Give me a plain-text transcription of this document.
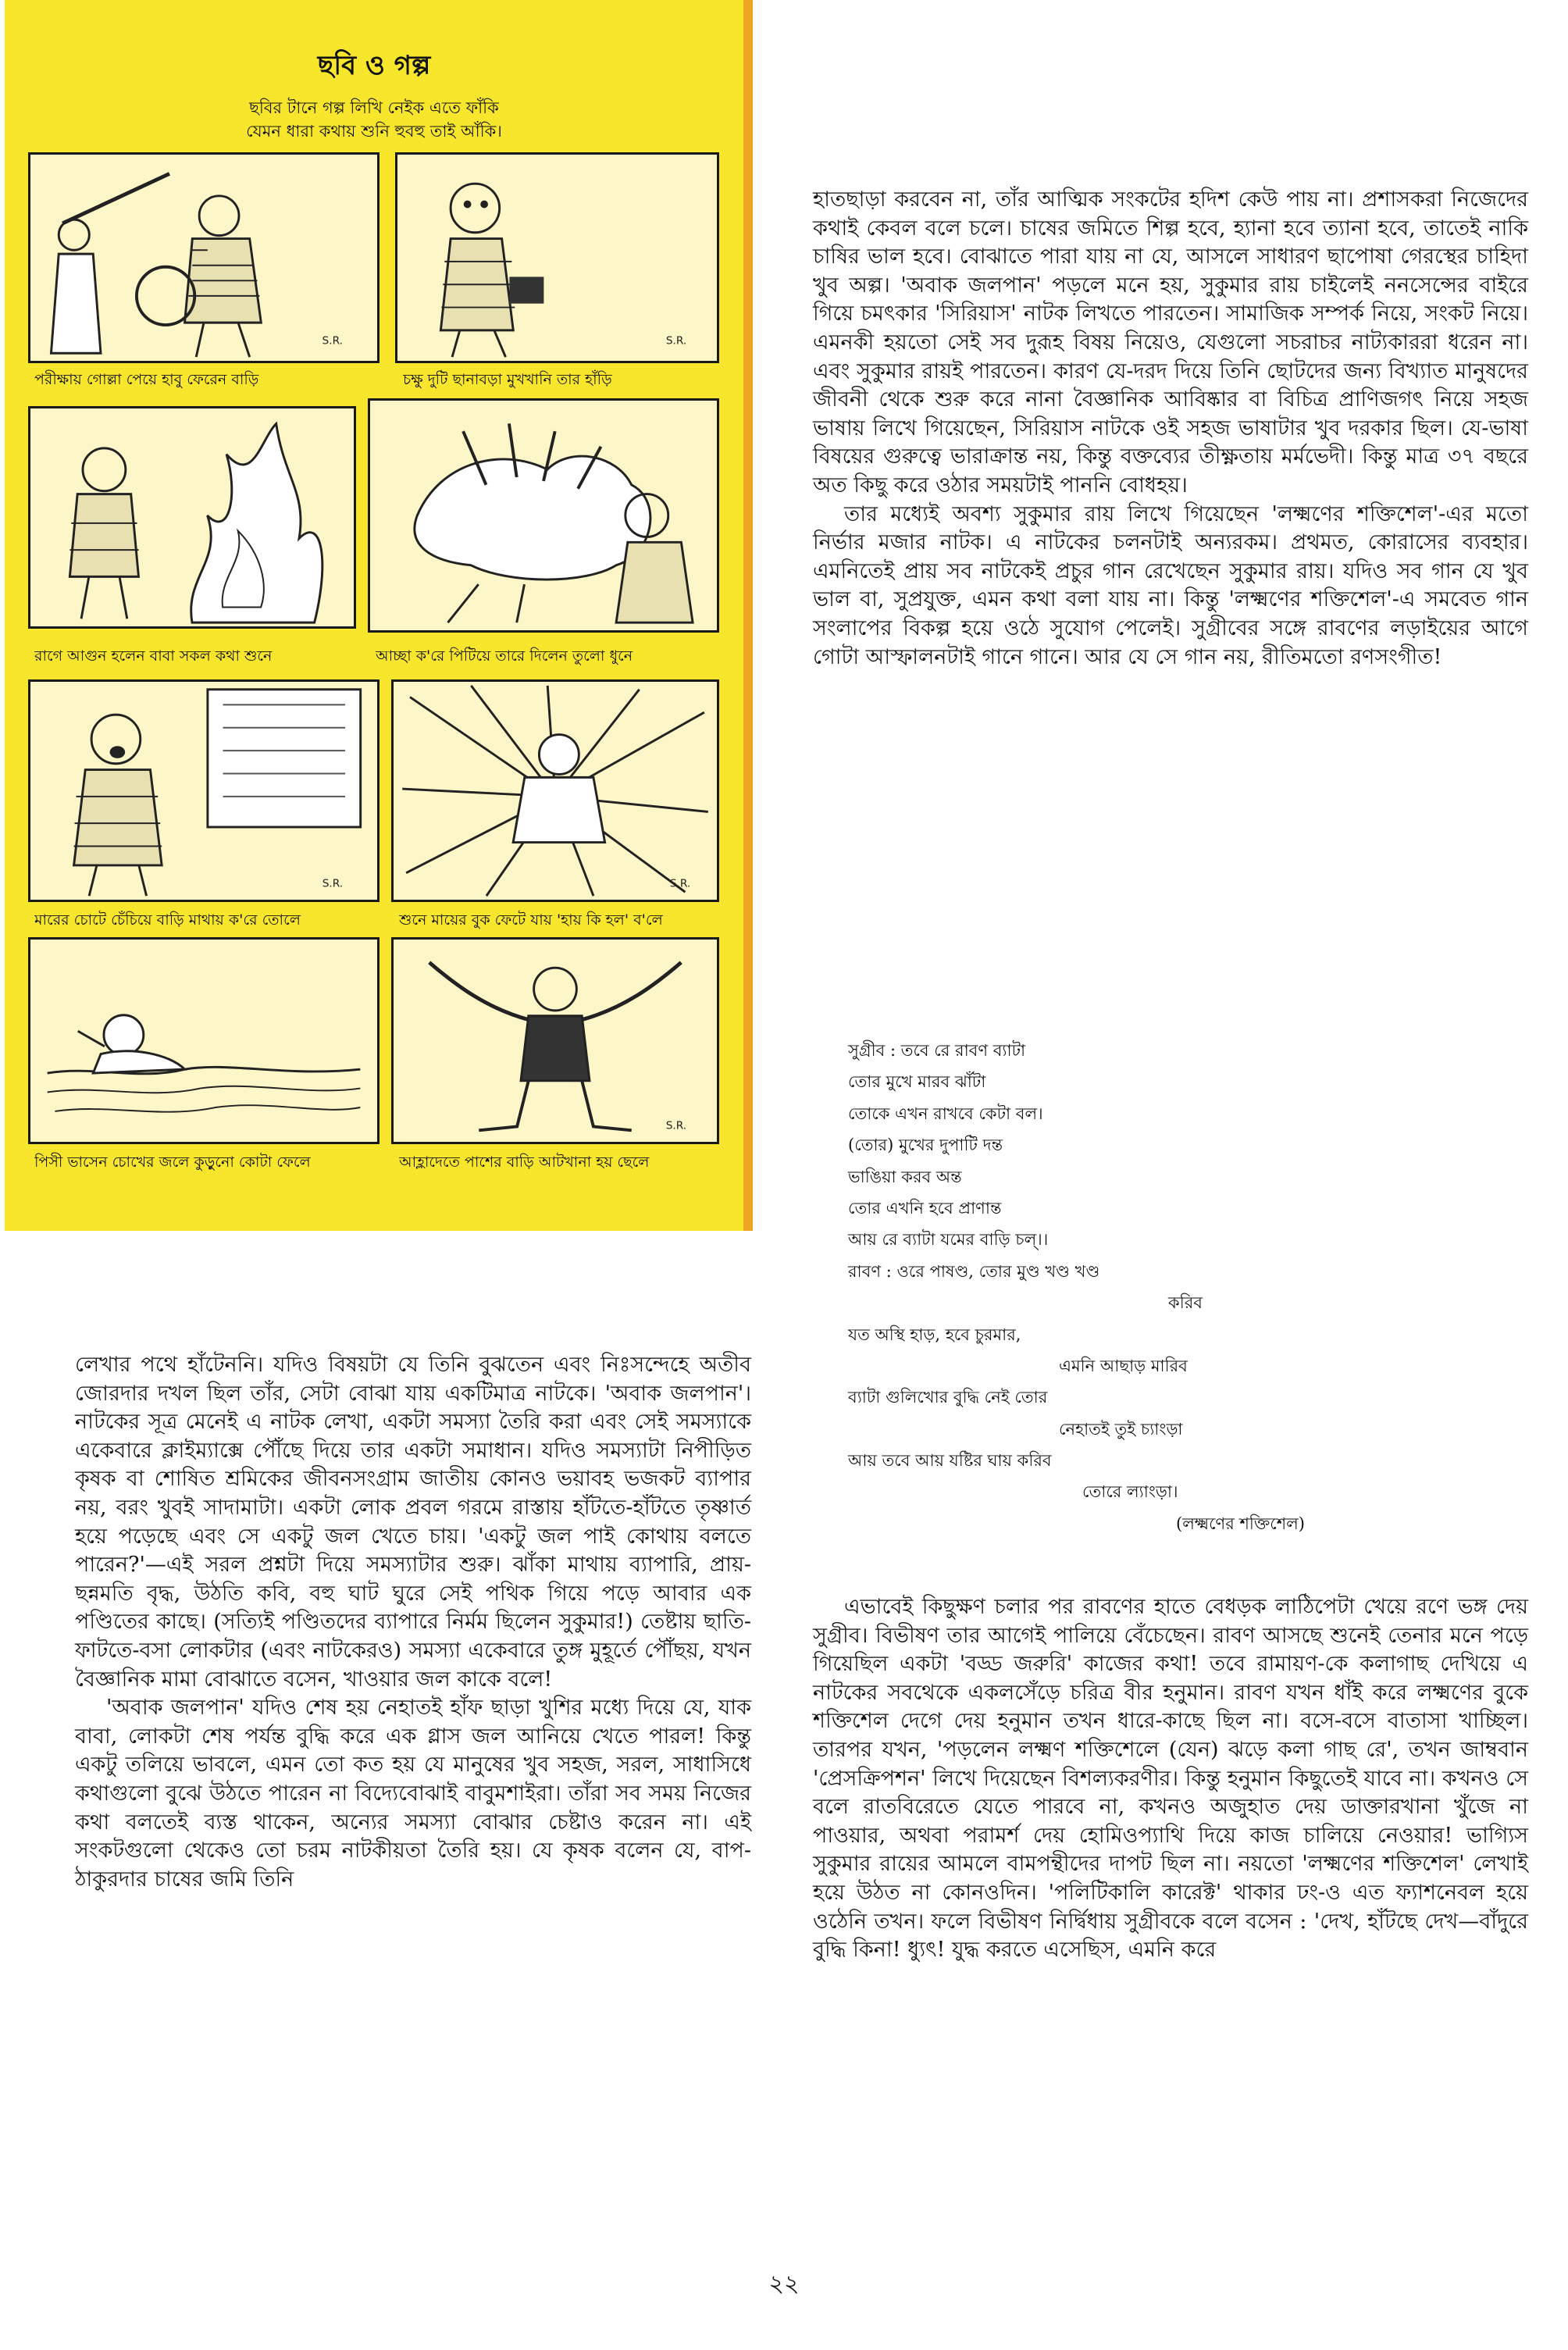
ছবি ও গল্প
ছবির টানে গল্প লিখি নেইক এতে ফাঁকি
যেমন ধারা কথায় শুনি হুবহু তাই আঁকি।
S.R.
পরীক্ষায় গোল্লা পেয়ে হাবু ফেরেন বাড়ি
S.R.
চক্ষু দুটি ছানাবড়া মুখখানি তার হাঁড়ি
রাগে আগুন হলেন বাবা সকল কথা শুনে	আচ্ছা ক'রে পিটিয়ে তারে দিলেন তুলো ধুনে
S.R.
মারের চোটে চেঁচিয়ে বাড়ি মাথায় ক'রে তোলে
S.R.
শুনে মায়ের বুক ফেটে যায় 'হায় কি হল' ব'লে
পিসী ভাসেন চোখের জলে কুড়ুনো কোটা ফেলে
S.R.
আহ্লাদেতে পাশের বাড়ি আটখানা হয় ছেলে

হাতছাড়া করবেন না, তাঁর আত্মিক সংকটের হদিশ কেউ পায় না। প্রশাসকরা নিজেদের কথাই কেবল বলে চলে। চাষের জমিতে শিল্প হবে, হ্যানা হবে ত্যানা হবে, তাতেই নাকি চাষির ভাল হবে। বোঝাতে পারা যায় না যে, আসলে সাধারণ ছাপোষা গেরস্থের চাহিদা খুব অল্প। 'অবাক জলপান' পড়লে মনে হয়, সুকুমার রায় চাইলেই ননসেন্সের বাইরে গিয়ে চমৎকার 'সিরিয়াস' নাটক লিখতে পারতেন। সামাজিক সম্পর্ক নিয়ে, সংকট নিয়ে। এমনকী হয়তো সেই সব দুরূহ বিষয় নিয়েও, যেগুলো সচরাচর নাট্যকাররা ধরেন না। এবং সুকুমার রায়ই পারতেন। কারণ যে-দরদ দিয়ে তিনি ছোটদের জন্য বিখ্যাত মানুষদের জীবনী থেকে শুরু করে নানা বৈজ্ঞানিক আবিষ্কার বা বিচিত্র প্রাণিজগৎ নিয়ে সহজ ভাষায় লিখে গিয়েছেন, সিরিয়াস নাটকে ওই সহজ ভাষাটার খুব দরকার ছিল। যে-ভাষা বিষয়ের গুরুত্বে ভারাক্রান্ত নয়, কিন্তু বক্তব্যের তীক্ষ্ণতায় মর্মভেদী। কিন্তু মাত্র ৩৭ বছরে অত কিছু করে ওঠার সময়টাই পাননি বোধহয়।

তার মধ্যেই অবশ্য সুকুমার রায় লিখে গিয়েছেন 'লক্ষ্মণের শক্তিশেল'-এর মতো নির্ভার মজার নাটক। এ নাটকের চলনটাই অন্যরকম। প্রথমত, কোরাসের ব্যবহার। এমনিতেই প্রায় সব নাটকেই প্রচুর গান রেখেছেন সুকুমার রায়। যদিও সব গান যে খুব ভাল বা, সুপ্রযুক্ত, এমন কথা বলা যায় না। কিন্তু 'লক্ষ্মণের শক্তিশেল'-এ সমবেত গান সংলাপের বিকল্প হয়ে ওঠে সুযোগ পেলেই। সুগ্রীবের সঙ্গে রাবণের লড়াইয়ের আগে গোটা আস্ফালনটাই গানে গানে। আর যে সে গান নয়, রীতিমতো রণসংগীত!

সুগ্রীব : তবে রে রাবণ ব্যাটা
তোর মুখে মারব ঝাঁটা
তোকে এখন রাখবে কেটা বল।
(তোর) মুখের দুপাটি দন্ত
ভাঙিয়া করব অন্ত
তোর এখনি হবে প্রাণান্ত
আয় রে ব্যাটা যমের বাড়ি চল্।।
রাবণ : ওরে পাষণ্ড, তোর মুণ্ড খণ্ড খণ্ড
করিব
যত অস্থি হাড়, হবে চুরমার,
এমনি আছাড় মারিব
ব্যাটা গুলিখোর বুদ্ধি নেই তোর
নেহাতই তুই চ্যাংড়া
আয় তবে আয় যষ্টির ঘায় করিব
তোরে ল্যাংড়া।
(লক্ষ্মণের শক্তিশেল)

লেখার পথে হাঁটেননি। যদিও বিষয়টা যে তিনি বুঝতেন এবং নিঃসন্দেহে অতীব জোরদার দখল ছিল তাঁর, সেটা বোঝা যায় একটিমাত্র নাটকে। 'অবাক জলপান'। নাটকের সূত্র মেনেই এ নাটক লেখা, একটা সমস্যা তৈরি করা এবং সেই সমস্যাকে একেবারে ক্লাইম্যাক্সে পৌঁছে দিয়ে তার একটা সমাধান। যদিও সমস্যাটা নিপীড়িত কৃষক বা শোষিত শ্রমিকের জীবনসংগ্রাম জাতীয় কোনও ভয়াবহ ভজকট ব্যাপার নয়, বরং খুবই সাদামাটা। একটা লোক প্রবল গরমে রাস্তায় হাঁটতে-হাঁটতে তৃষ্ণার্ত হয়ে পড়েছে এবং সে একটু জল খেতে চায়। 'একটু জল পাই কোথায় বলতে পারেন?'—এই সরল প্রশ্নটা দিয়ে সমস্যাটার শুরু। ঝাঁকা মাথায় ব্যাপারি, প্রায়-ছন্নমতি বৃদ্ধ, উঠতি কবি, বহু ঘাট ঘুরে সেই পথিক গিয়ে পড়ে আবার এক পণ্ডিতের কাছে। (সত্যিই পণ্ডিতদের ব্যাপারে নির্মম ছিলেন সুকুমার!) তেষ্টায় ছাতি-ফাটতে-বসা লোকটার (এবং নাটকেরও) সমস্যা একেবারে তুঙ্গ মুহূর্তে পৌঁছয়, যখন বৈজ্ঞানিক মামা বোঝাতে বসেন, খাওয়ার জল কাকে বলে!

'অবাক জলপান' যদিও শেষ হয় নেহাতই হাঁফ ছাড়া খুশির মধ্যে দিয়ে যে, যাক বাবা, লোকটা শেষ পর্যন্ত বুদ্ধি করে এক গ্লাস জল আনিয়ে খেতে পারল! কিন্তু একটু তলিয়ে ভাবলে, এমন তো কত হয় যে মানুষের খুব সহজ, সরল, সাধাসিধে কথাগুলো বুঝে উঠতে পারেন না বিদ্যেবোঝাই বাবুমশাইরা। তাঁরা সব সময় নিজের কথা বলতেই ব্যস্ত থাকেন, অন্যের সমস্যা বোঝার চেষ্টাও করেন না। এই সংকটগুলো থেকেও তো চরম নাটকীয়তা তৈরি হয়। যে কৃষক বলেন যে, বাপ-ঠাকুরদার চাষের জমি তিনি

এভাবেই কিছুক্ষণ চলার পর রাবণের হাতে বেধড়ক লাঠিপেটা খেয়ে রণে ভঙ্গ দেয় সুগ্রীব। বিভীষণ তার আগেই পালিয়ে বেঁচেছেন। রাবণ আসছে শুনেই তেনার মনে পড়ে গিয়েছিল একটা 'বড্ড জরুরি' কাজের কথা! তবে রামায়ণ-কে কলাগাছ দেখিয়ে এ নাটকের সবথেকে একলসেঁড়ে চরিত্র বীর হনুমান। রাবণ যখন ধাঁই করে লক্ষ্মণের বুকে শক্তিশেল দেগে দেয় হনুমান তখন ধারে-কাছে ছিল না। বসে-বসে বাতাসা খাচ্ছিল। তারপর যখন, 'পড়লেন লক্ষ্মণ শক্তিশেলে (যেন) ঝড়ে কলা গাছ রে', তখন জাম্ববান 'প্রেসক্রিপশন' লিখে দিয়েছেন বিশল্যকরণীর। কিন্তু হনুমান কিছুতেই যাবে না। কখনও সে বলে রাতবিরেতে যেতে পারবে না, কখনও অজুহাত দেয় ডাক্তারখানা খুঁজে না পাওয়ার, অথবা পরামর্শ দেয় হোমিওপ্যাথি দিয়ে কাজ চালিয়ে নেওয়ার! ভাগ্যিস সুকুমার রায়ের আমলে বামপন্থীদের দাপট ছিল না। নয়তো 'লক্ষ্মণের শক্তিশেল' লেখাই হয়ে উঠত না কোনওদিন। 'পলিটিকালি কারেক্ট' থাকার ঢং-ও এত ফ্যাশনেবল হয়ে ওঠেনি তখন। ফলে বিভীষণ নির্দ্বিধায় সুগ্রীবকে বলে বসেন : 'দেখ, হাঁটছে দেখ—বাঁদুরে বুদ্ধি কিনা! ধ্যুৎ! যুদ্ধ করতে এসেছিস, এমনি করে

২২
